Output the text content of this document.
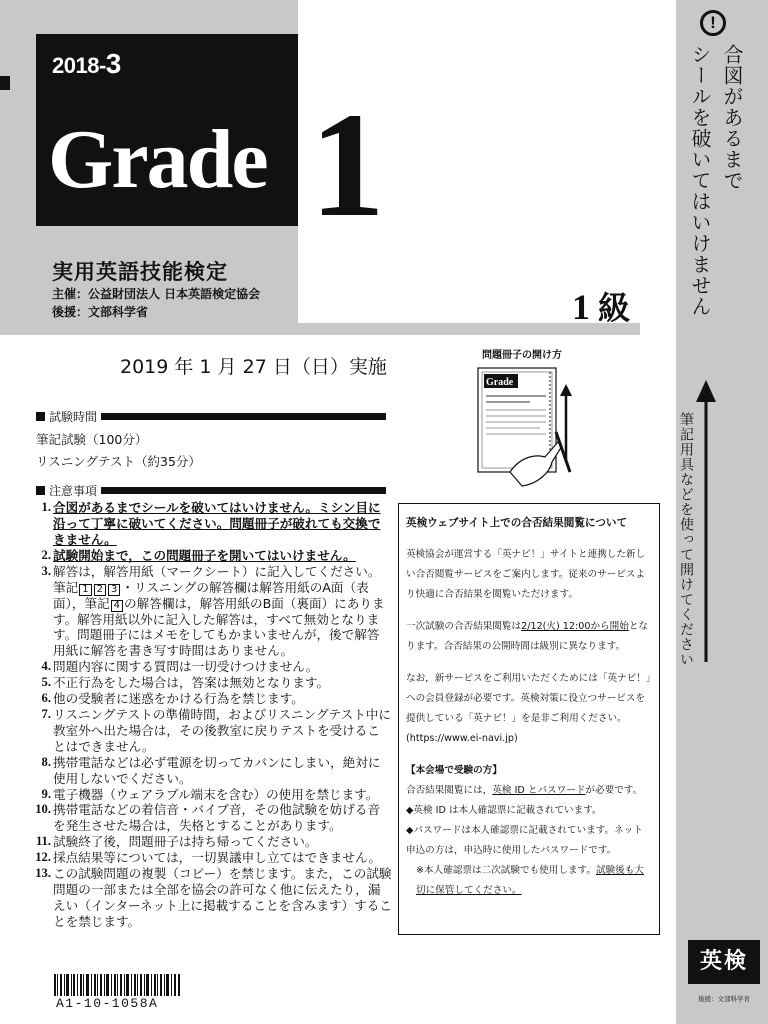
2018-3
Grade 1
実用英語技能検定
主催：公益財団法人 日本英語検定協会
後援：文部科学省	1 級
2019 年 1 月 27 日（日）実施
試験時間
筆記試験（100分）
リスニングテスト（約35分）
注意事項
1. 合図があるまでシールを破いてはいけません。ミシン目に沿って丁寧に破いてください。問題冊子が破れても交換できません。
2. 試験開始まで，この問題冊子を開いてはいけません。
3. 解答は，解答用紙（マークシート）に記入してください。筆記 1 2 3 ・リスニングの解答欄は解答用紙のA面（表面），筆記 4 の解答欄は，解答用紙のB面（裏面）にあります。解答用紙以外に記入した解答は，すべて無効となります。問題冊子にはメモをしてもかまいませんが，後で解答用紙に解答を書き写す時間はありません。
4. 問題内容に関する質問は一切受けつけません。
5. 不正行為をした場合は，答案は無効となります。
6. 他の受験者に迷惑をかける行為を禁じます。
7. リスニングテストの準備時間，およびリスニングテスト中に教室外へ出た場合は，その後教室に戻りテストを受けることはできません。
8. 携帯電話などは必ず電源を切ってカバンにしまい，絶対に使用しないでください。
9. 電子機器（ウェアラブル端末を含む）の使用を禁じます。
10. 携帯電話などの着信音・バイブ音，その他試験を妨げる音を発生させた場合は，失格とすることがあります。
11. 試験終了後，問題冊子は持ち帰ってください。
12. 採点結果等については，一切異議申し立てはできません。
13. この試験問題の複製（コピー）を禁じます。また，この試験問題の一部または全部を協会の許可なく他に伝えたり，漏えい（インターネット上に掲載することを含みます）することを禁じます。
問題冊子の開け方
Grade

英検ウェブサイト上での合否結果閲覧について

英検協会が運営する「英ナビ！」サイトと連携した新しい合否閲覧サービスをご案内します。従来のサービスより快適に合否結果を閲覧いただけます。

一次試験の合否結果閲覧は2/12(火) 12:00から開始となります。合否結果の公開時間は級別に異なります。

なお，新サービスをご利用いただくためには「英ナビ！」への会員登録が必要です。英検対策に役立つサービスを提供している「英ナビ！」を是非ご利用ください。

(https://www.ei-navi.jp)

【本会場で受験の方】

合否結果閲覧には，英検 ID とパスワードが必要です。

◆英検 ID は本人確認票に記載されています。

◆パスワードは本人確認票に記載されています。ネット申込の方は，申込時に使用したパスワードです。

※本人確認票は二次試験でも使用します。試験後も大切に保管してください。

!
合図があるまで
シールを破いてはいけません
筆記用具などを使って開けてください
英検
後援：文部科学省
A1-10-1058A
